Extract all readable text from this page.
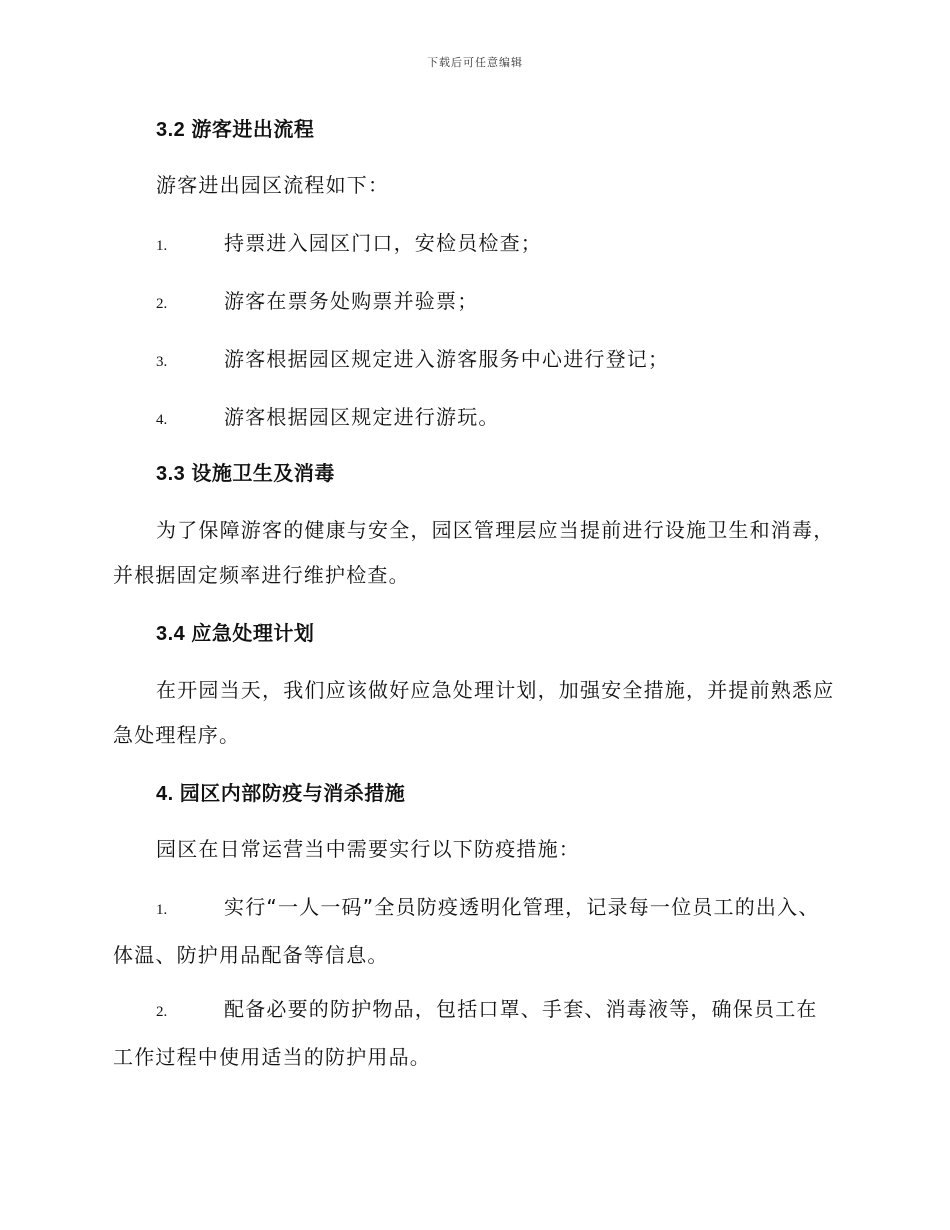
下载后可任意编辑
3.2 游客进出流程
游客进出园区流程如下：
1.	持票进入园区门口，安检员检查；
2.	游客在票务处购票并验票；
3.	游客根据园区规定进入游客服务中心进行登记；
4.	游客根据园区规定进行游玩。
3.3 设施卫生及消毒
为了保障游客的健康与安全，园区管理层应当提前进行设施卫生和消毒，并根据固定频率进行维护检查。
3.4 应急处理计划
在开园当天，我们应该做好应急处理计划，加强安全措施，并提前熟悉应急处理程序。
4. 园区内部防疫与消杀措施
园区在日常运营当中需要实行以下防疫措施：
1.	实行“一人一码”全员防疫透明化管理，记录每一位员工的出入、体温、防护用品配备等信息。
2.	配备必要的防护物品，包括口罩、手套、消毒液等，确保员工在工作过程中使用适当的防护用品。
